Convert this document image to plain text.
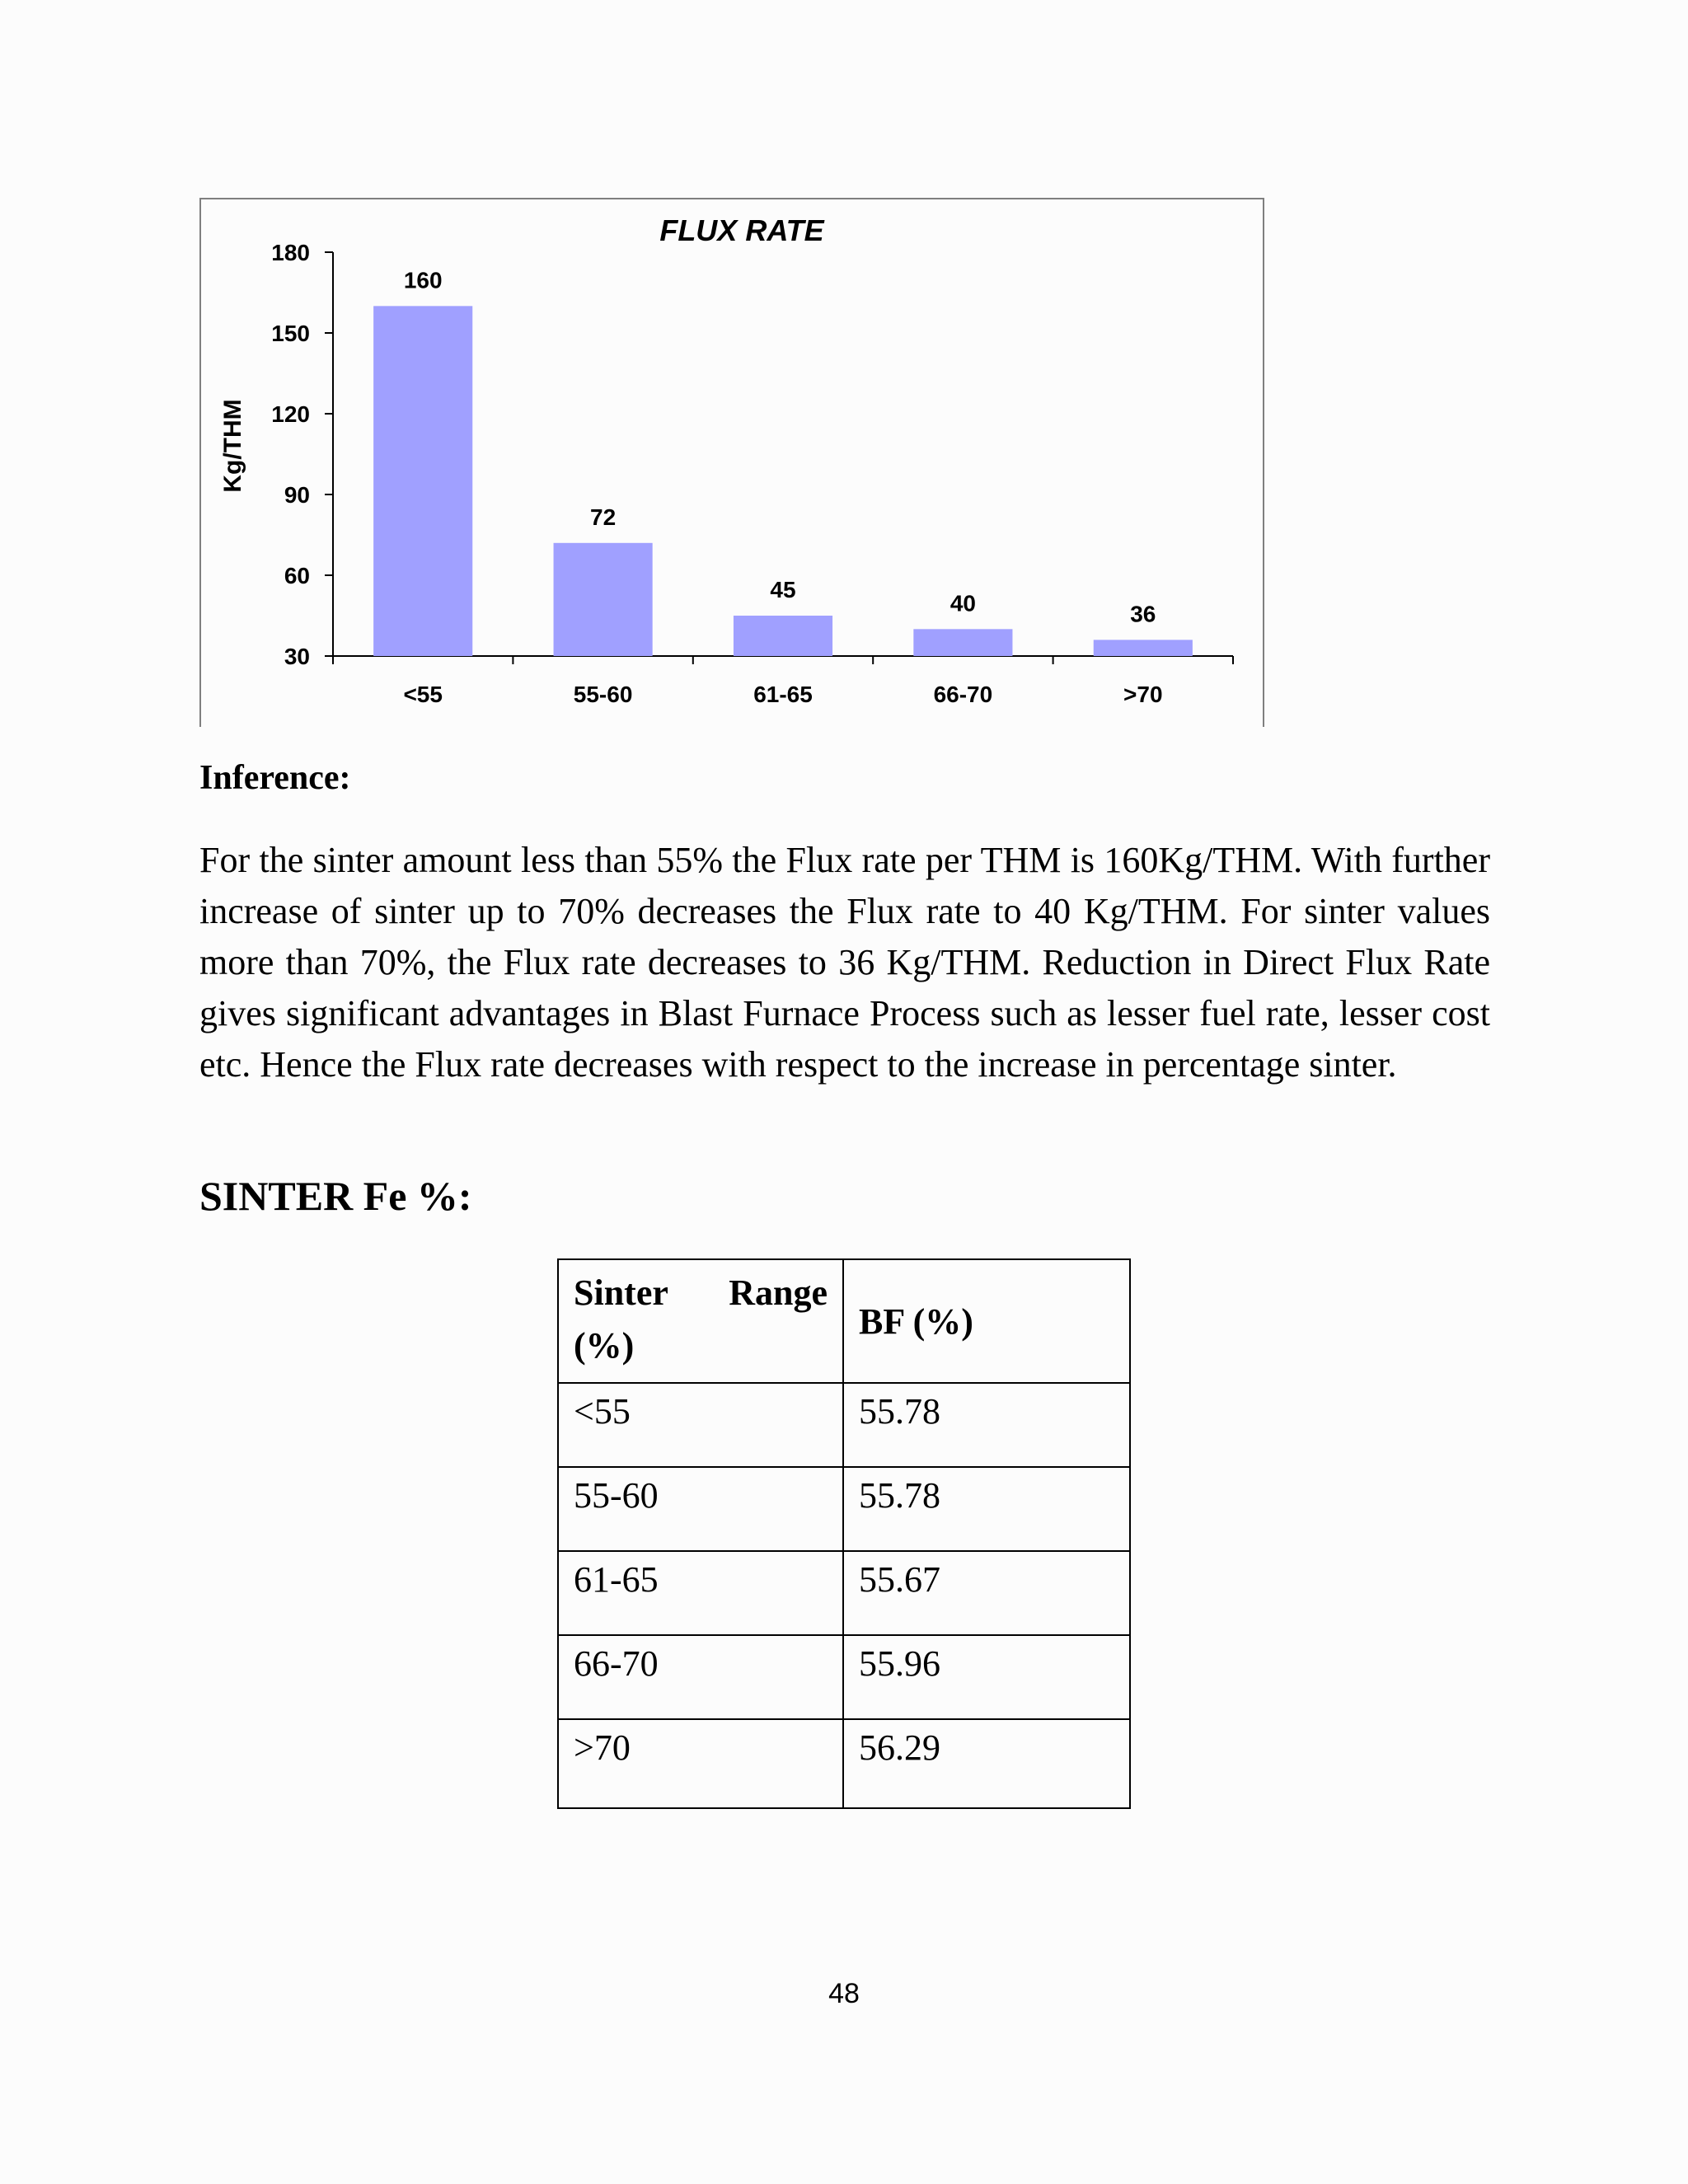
FLUX RATE
Kg/THM
180
150
120
90
60
30
160
<55
72
55-60
45
61-65
40
66-70
36
>70
Inference:

For the sinter amount less than 55% the Flux rate per THM is 160Kg/THM. With further increase of sinter up to 70% decreases the Flux rate to 40 Kg/THM. For sinter values more than 70%, the Flux rate decreases to 36 Kg/THM. Reduction in Direct Flux Rate gives significant advantages in Blast Furnace Process such as lesser fuel rate, lesser cost etc. Hence the Flux rate decreases with respect to the increase in percentage sinter.

SINTER Fe %:
Sinter Range
(%)	BF (%)
<55	55.78
55-60	55.78
61-65	55.67
66-70	55.96
>70	56.29
48
